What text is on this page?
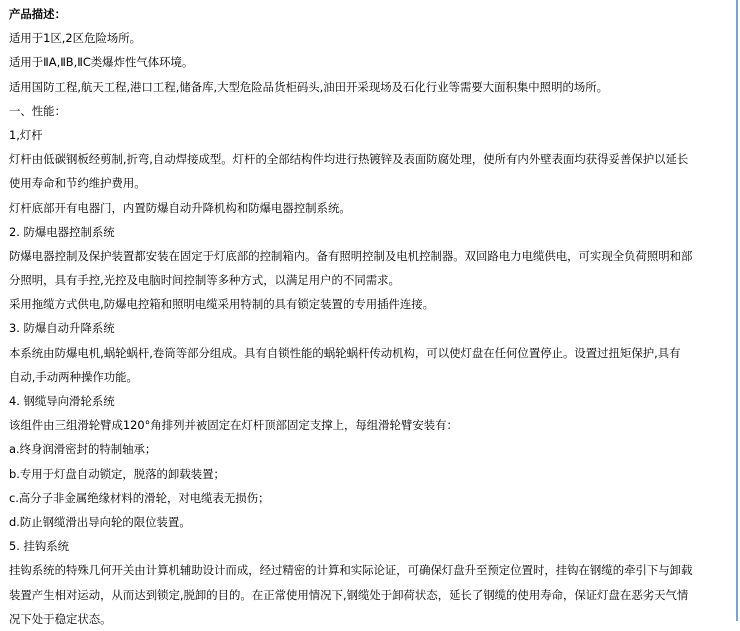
产品描述：
适用于1区,2区危险场所。
适用于ⅡA,ⅡB,ⅡC类爆炸性气体环境。
适用国防工程,航天工程,港口工程,储备库,大型危险品货柜码头,油田开采现场及石化行业等需要大面积集中照明的场所。
一、性能：
1,灯杆
灯杆由低碳钢板经剪制,折弯,自动焊接成型。灯杆的全部结构件均进行热镀锌及表面防腐处理，使所有内外壁表面均获得妥善保护以延长
使用寿命和节约维护费用。
灯杆底部开有电器门，内置防爆自动升降机构和防爆电器控制系统。
2. 防爆电器控制系统
防爆电器控制及保护装置都安装在固定于灯底部的控制箱内。备有照明控制及电机控制器。双回路电力电缆供电，可实现全负荷照明和部
分照明，具有手控,光控及电脑时间控制等多种方式，以满足用户的不同需求。
采用拖缆方式供电,防爆电控箱和照明电缆采用特制的具有锁定装置的专用插件连接。
3. 防爆自动升降系统
本系统由防爆电机,蜗轮蜗杆,卷筒等部分组成。具有自锁性能的蜗轮蜗杆传动机构，可以使灯盘在任何位置停止。设置过扭矩保护,具有
自动,手动两种操作功能。
4. 钢缆导向滑轮系统
该组件由三组滑轮臂成120°角排列并被固定在灯杆顶部固定支撑上，每组滑轮臂安装有：
a.终身润滑密封的特制轴承；
b.专用于灯盘自动锁定，脱落的卸载装置；
c.高分子非金属绝缘材料的滑轮，对电缆表无损伤；
d.防止钢缆滑出导向轮的限位装置。
5. 挂钩系统
挂钩系统的特殊几何开关由计算机辅助设计而成，经过精密的计算和实际论证，可确保灯盘升至预定位置时，挂钩在钢缆的牵引下与卸载
装置产生相对运动，从而达到锁定,脱卸的目的。在正常使用情况下,钢缆处于卸荷状态，延长了钢缆的使用寿命，保证灯盘在恶劣天气情
况下处于稳定状态。
